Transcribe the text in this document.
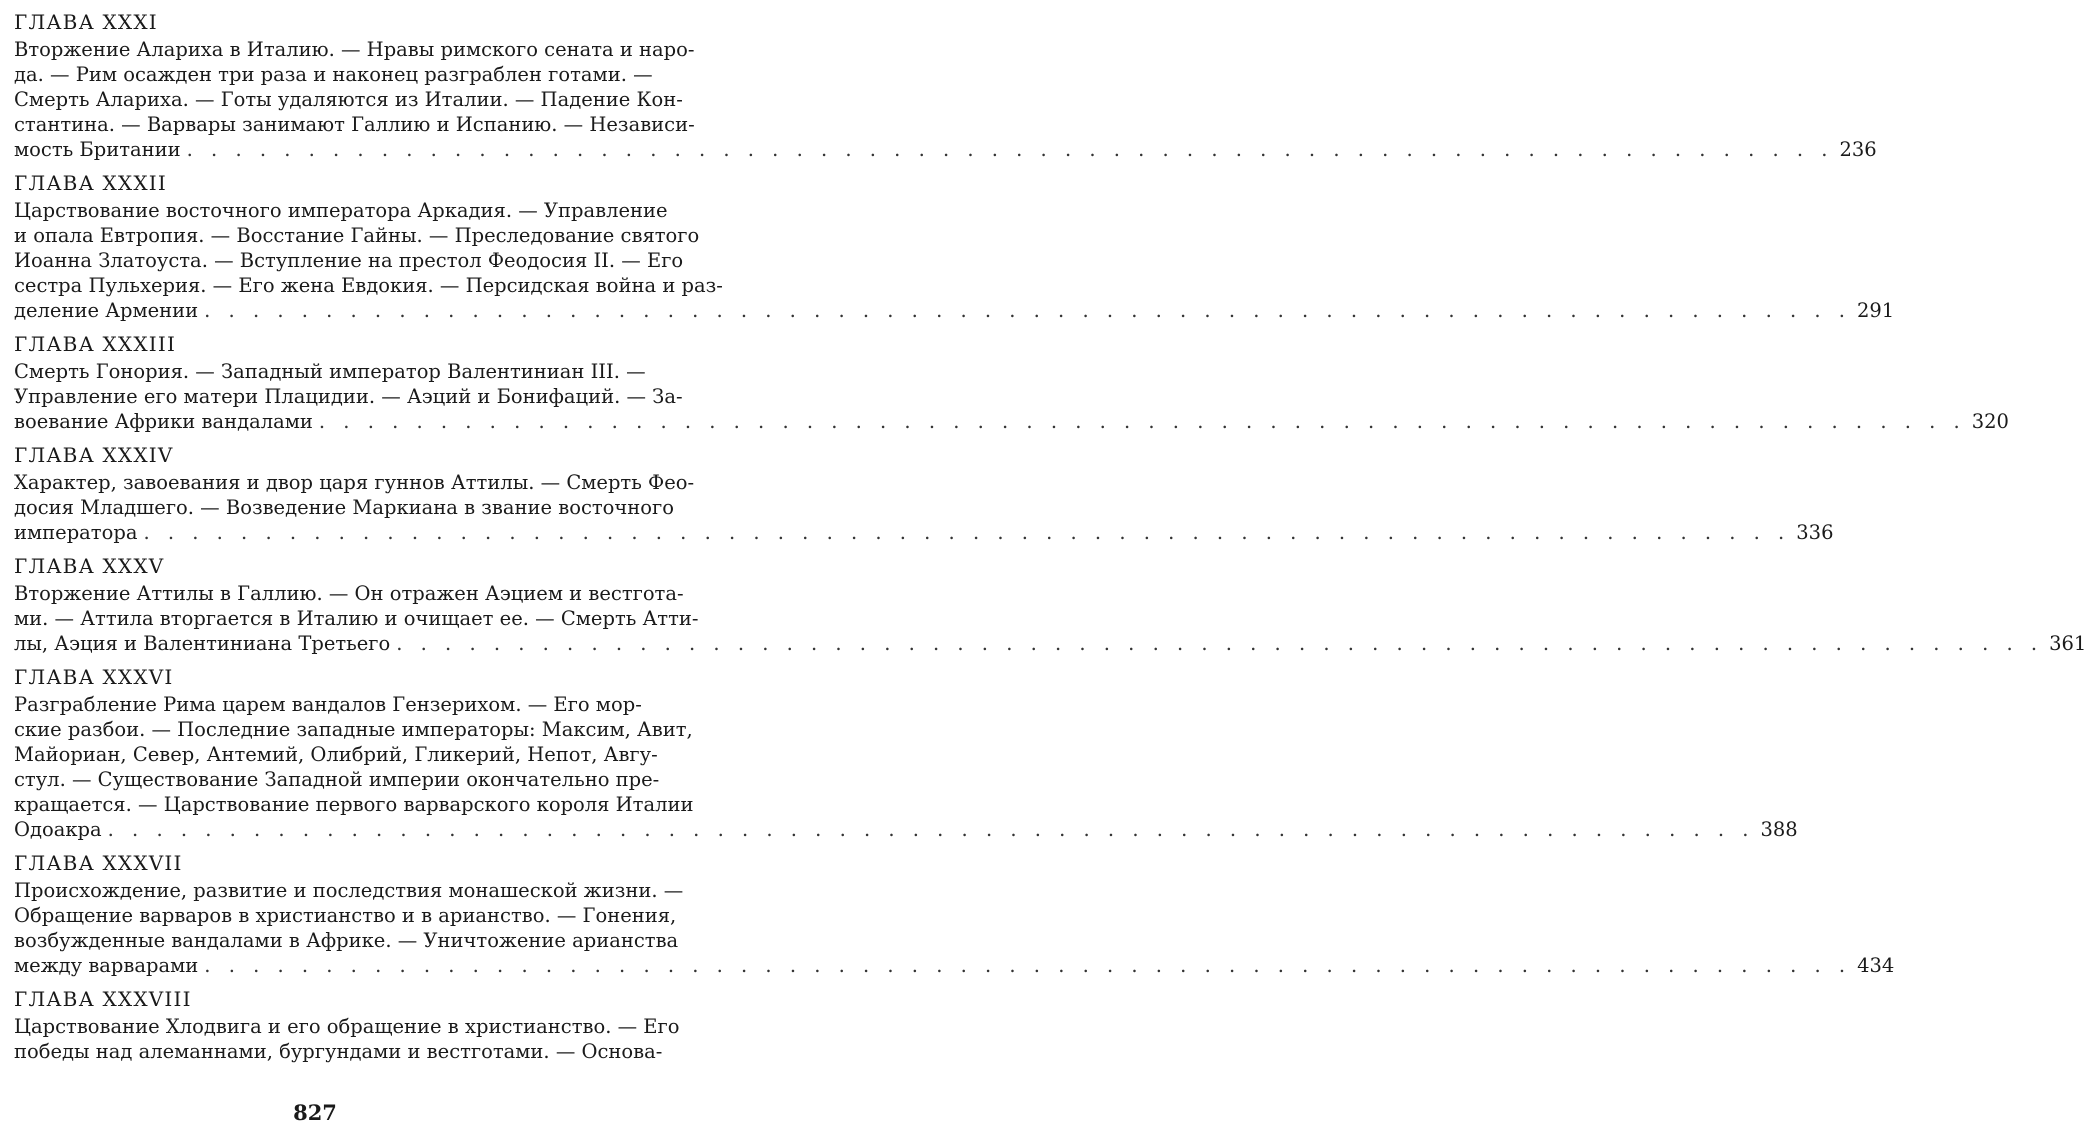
ГЛАВА XXXI
Вторжение Алариха в Италию. — Нравы римского сената и наро-
да. — Рим осажден три раза и наконец разграблен готами. —
Смерть Алариха. — Готы удаляются из Италии. — Падение Кон-
стантина. — Варвары занимают Галлию и Испанию. — Независи-
мость Британии . . .	236
ГЛАВА XXXII
Царствование восточного императора Аркадия. — Управление
и опала Евтропия. — Восстание Гайны. — Преследование святого
Иоанна Златоуста. — Вступление на престол Феодосия II. — Его
сестра Пульхерия. — Его жена Евдокия. — Персидская война и раз-
деление Армении . . .	291
ГЛАВА XXXIII
Смерть Гонория. — Западный император Валентиниан III. —
Управление его матери Плацидии. — Аэций и Бонифаций. — За-
воевание Африки вандалами . . .	320
ГЛАВА XXXIV
Характер, завоевания и двор царя гуннов Аттилы. — Смерть Фео-
досия Младшего. — Возведение Маркиана в звание восточного
императора . . .	336
ГЛАВА XXXV
Вторжение Аттилы в Галлию. — Он отражен Аэцием и вестгота-
ми. — Аттила вторгается в Италию и очищает ее. — Смерть Атти-
лы, Аэция и Валентиниана Третьего . . .	361
ГЛАВА XXXVI
Разграбление Рима царем вандалов Гензерихом. — Его мор-
ские разбои. — Последние западные императоры: Максим, Авит,
Майориан, Север, Антемий, Олибрий, Гликерий, Непот, Авгу-
стул. — Существование Западной империи окончательно пре-
кращается. — Царствование первого варварского короля Италии
Одоакра . . .	388
ГЛАВА XXXVII
Происхождение, развитие и последствия монашеской жизни. —
Обращение варваров в христианство и в арианство. — Гонения,
возбужденные вандалами в Африке. — Уничтожение арианства
между варварами . . .	434
ГЛАВА XXXVIII
Царствование Хлодвига и его обращение в христианство. — Его
победы над алеманнами, бургундами и вестготами. — Основа-
827
